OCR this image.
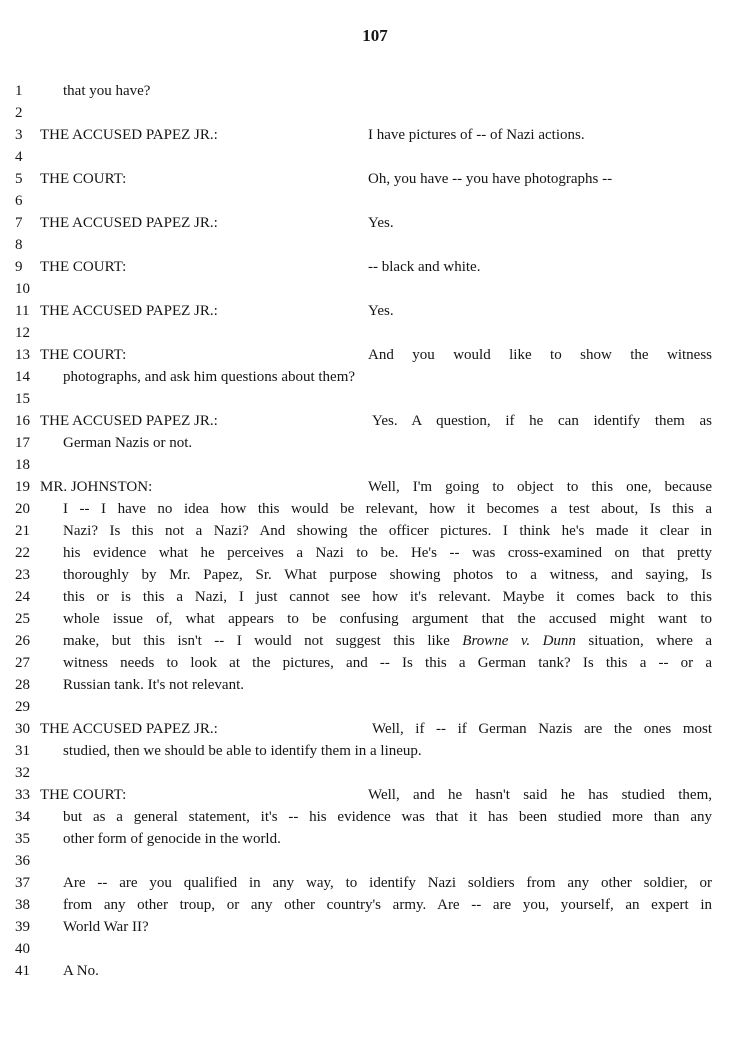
107
1	that you have?
2
3	THE ACCUSED PAPEZ JR.:	I have pictures of -- of Nazi actions.
4
5	THE COURT:	Oh, you have -- you have photographs --
6
7	THE ACCUSED PAPEZ JR.:	Yes.
8
9	THE COURT:	-- black and white.
10
11 THE ACCUSED PAPEZ JR.:	Yes.
12
13 THE COURT:	And you would like to show the witness
14	photographs, and ask him questions about them?
15
16 THE ACCUSED PAPEZ JR.:	Yes. A question, if he can identify them as
17	German Nazis or not.
18
19 MR. JOHNSTON:	Well, I'm going to object to this one, because
20	I -- I have no idea how this would be relevant, how it becomes a test about, Is this a
21	Nazi? Is this not a Nazi? And showing the officer pictures. I think he's made it clear in
22	his evidence what he perceives a Nazi to be. He's -- was cross-examined on that pretty
23	thoroughly by Mr. Papez, Sr. What purpose showing photos to a witness, and saying, Is
24	this or is this a Nazi, I just cannot see how it's relevant. Maybe it comes back to this
25	whole issue of, what appears to be confusing argument that the accused might want to
26	make, but this isn't -- I would not suggest this like Browne v. Dunn situation, where a
27	witness needs to look at the pictures, and -- Is this a German tank? Is this a -- or a
28	Russian tank. It's not relevant.
29
30 THE ACCUSED PAPEZ JR.:	Well, if -- if German Nazis are the ones most
31	studied, then we should be able to identify them in a lineup.
32
33 THE COURT:	Well, and he hasn't said he has studied them,
34	but as a general statement, it's -- his evidence was that it has been studied more than any
35	other form of genocide in the world.
36
37	Are -- are you qualified in any way, to identify Nazi soldiers from any other soldier, or
38	from any other troup, or any other country's army. Are -- are you, yourself, an expert in
39	World War II?
40
41	A No.
